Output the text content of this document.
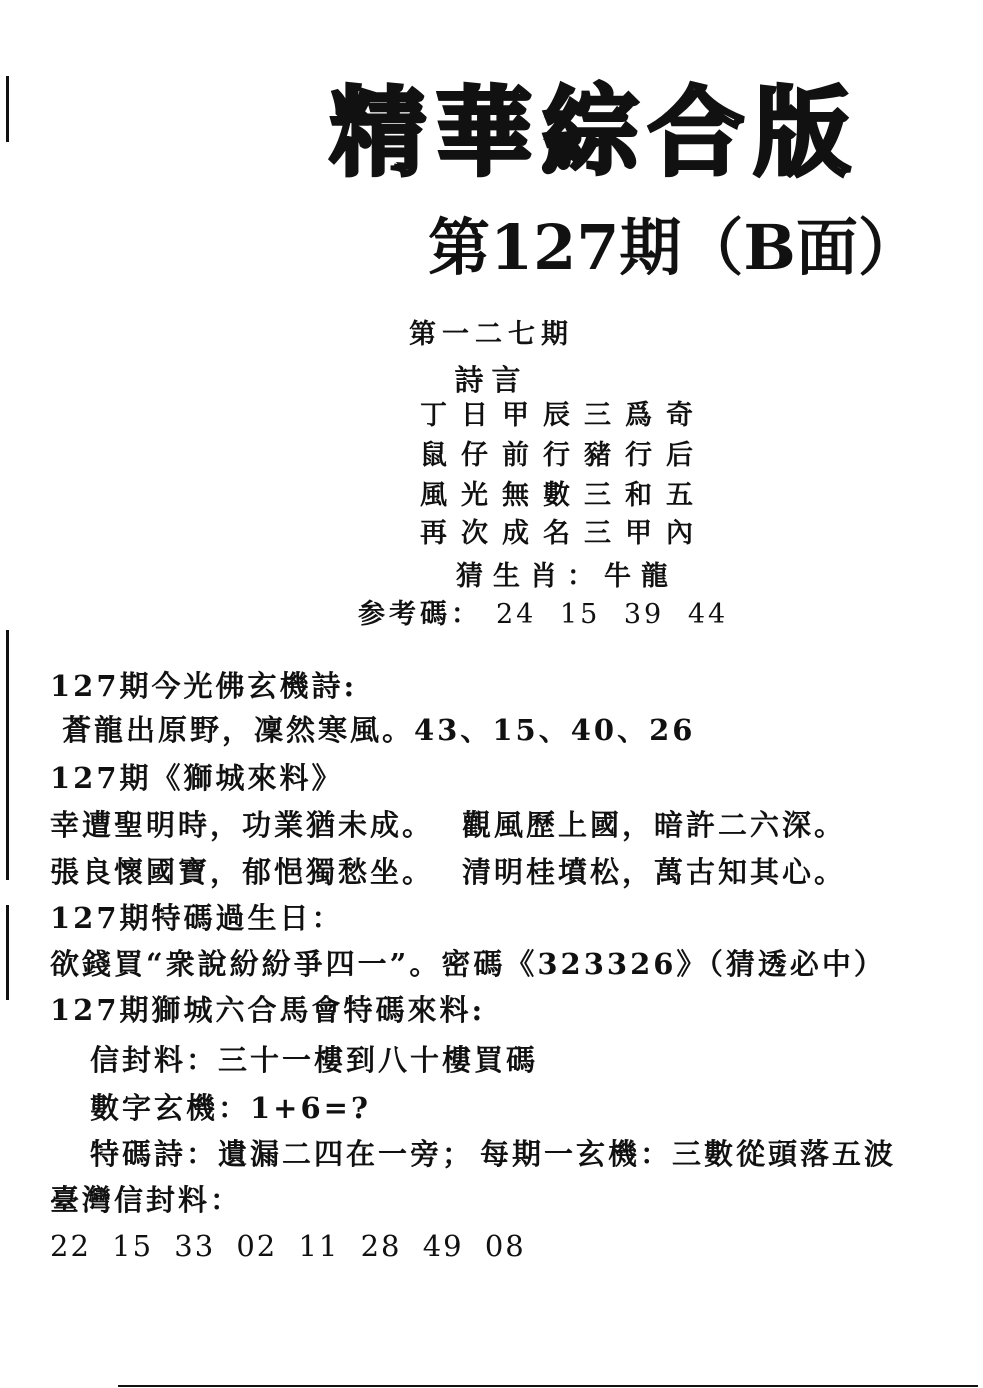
精華綜合版
第127期（B面）
第一二七期
詩言
丁日甲辰三爲奇
鼠仔前行豬行后
風光無數三和五
再次成名三甲內
猜生肖：牛龍
参考碼： 24 15 39 44
127期今光佛玄機詩:
蒼龍出原野，凜然寒風。43、15、40、26
127期《獅城來料》
幸遭聖明時，功業猶未成。 觀風歷上國，暗許二六深。
張良懷國寶，郁悒獨愁坐。 清明桂墳松，萬古知其心。
127期特碼過生日：
欲錢買“衆說紛紛爭四一”。密碼《323326》（猜透必中）
127期獅城六合馬會特碼來料:
信封料：三十一樓到八十樓買碼
數字玄機：1+6=?
特碼詩：遺漏二四在一旁； 每期一玄機：三數從頭落五波
臺灣信封料：
22 15 33 02 11 28 49 08
